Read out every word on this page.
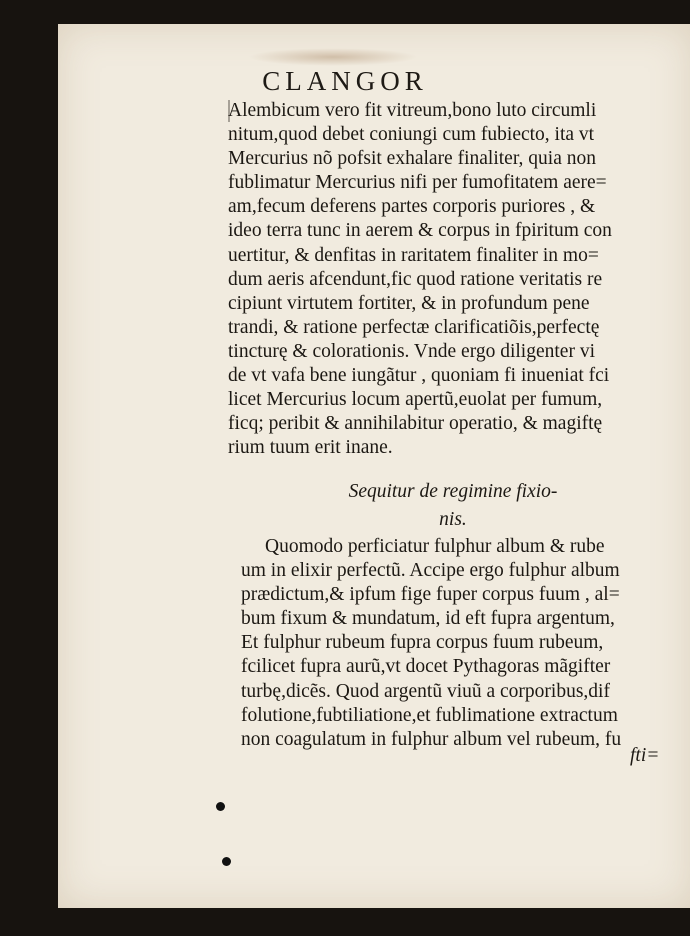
CLANGOR
Alembicum vero fit vitreum,bono luto circumli
nitum,quod debet coniungi cum fubiecto, ita vt
Mercurius nõ pofsit exhalare finaliter, quia non
fublimatur Mercurius nifi per fumofitatem aere=
am,fecum deferens partes corporis puriores , &
ideo terra tunc in aerem & corpus in fpiritum con
uertitur, & denfitas in raritatem finaliter in mo=
dum aeris afcendunt,fic quod ratione veritatis re
cipiunt virtutem fortiter, & in profundum pene
trandi, & ratione perfectæ clarificatiõis,perfectę
tincturę & colorationis. Vnde ergo diligenter vi
de vt vafa bene iungãtur , quoniam fi inueniat fci
licet Mercurius locum apertũ,euolat per fumum,
ficq; peribit & annihilabitur operatio, & magiftę
rium tuum erit inane.
Sequitur de regimine fixio-
nis.
Quomodo perficiatur fulphur album & rube
um in elixir perfectũ. Accipe ergo fulphur album
prædictum,& ipfum fige fuper corpus fuum , al=
bum fixum & mundatum, id eft fupra argentum,
Et fulphur rubeum fupra corpus fuum rubeum,
fcilicet fupra aurũ,vt docet Pythagoras mãgifter
turbę,dicẽs. Quod argentũ viuũ a corporibus,dif
folutione,fubtiliatione,et fublimatione extractum
non coagulatum in fulphur album vel rubeum, fu
fti=
